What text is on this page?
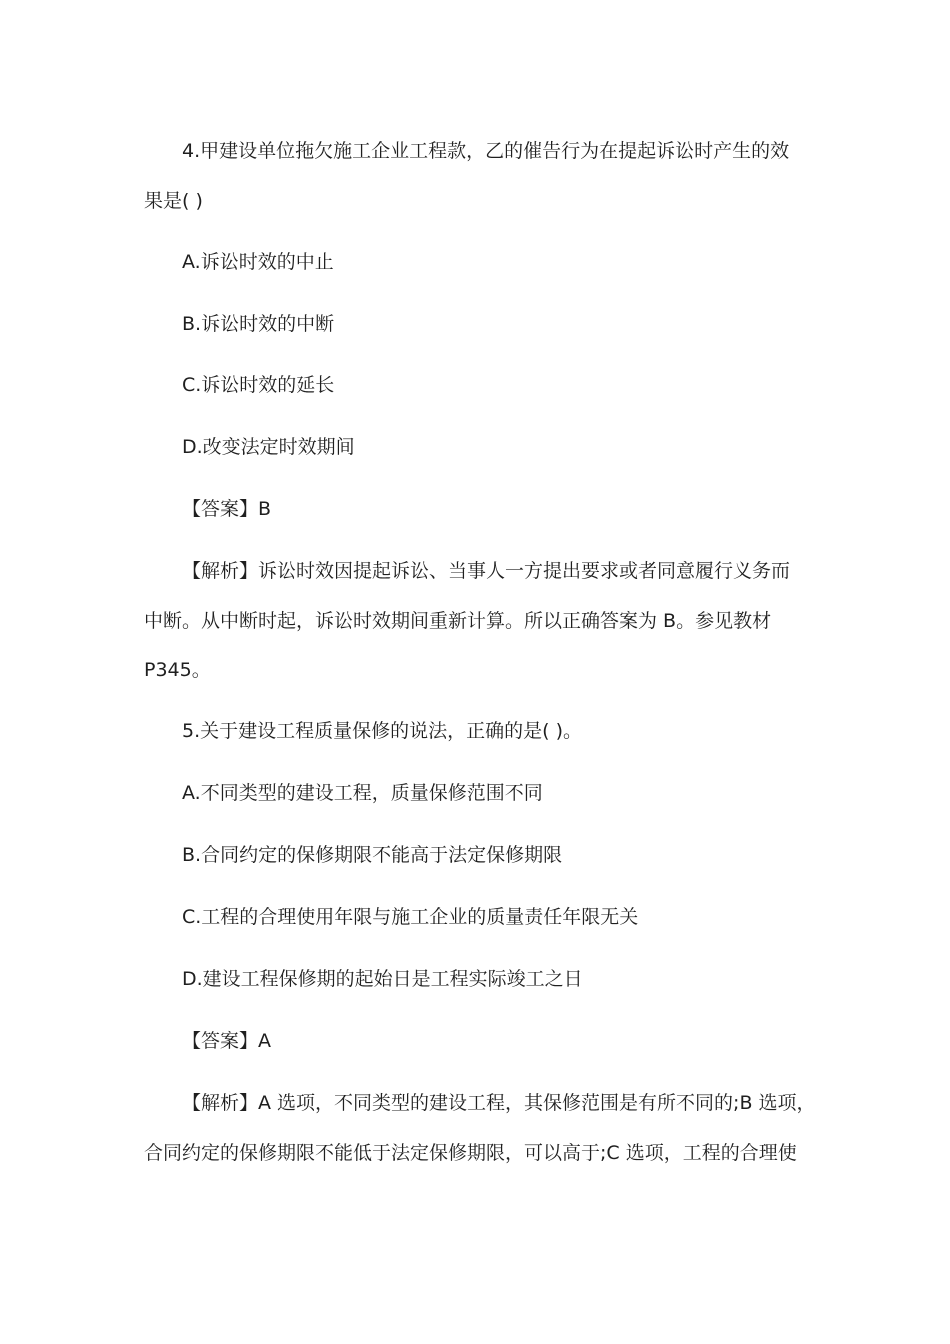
4.甲建设单位拖欠施工企业工程款，乙的催告行为在提起诉讼时产生的效
果是( )
A.诉讼时效的中止
B.诉讼时效的中断
C.诉讼时效的延长
D.改变法定时效期间
【答案】B
【解析】诉讼时效因提起诉讼、当事人一方提出要求或者同意履行义务而
中断。从中断时起，诉讼时效期间重新计算。所以正确答案为 B。参见教材
P345。
5.关于建设工程质量保修的说法，正确的是( )。
A.不同类型的建设工程，质量保修范围不同
B.合同约定的保修期限不能高于法定保修期限
C.工程的合理使用年限与施工企业的质量责任年限无关
D.建设工程保修期的起始日是工程实际竣工之日
【答案】A
【解析】A 选项，不同类型的建设工程，其保修范围是有所不同的;B 选项，
合同约定的保修期限不能低于法定保修期限，可以高于;C 选项，工程的合理使
